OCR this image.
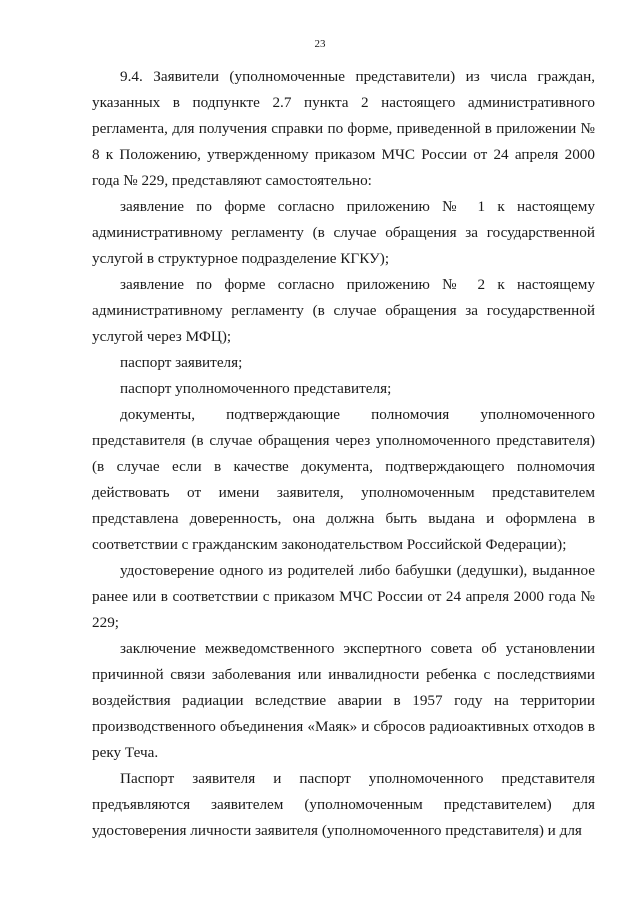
23

9.4. Заявители (уполномоченные представители) из числа граждан, указанных в подпункте 2.7 пункта 2 настоящего административного регламента, для получения справки по форме, приведенной в приложении № 8 к Положению, утвержденному приказом МЧС России от 24 апреля 2000 года № 229, представляют самостоятельно:

заявление по форме согласно приложению № 1 к настоящему административному регламенту (в случае обращения за государственной услугой в структурное подразделение КГКУ);

заявление по форме согласно приложению № 2 к настоящему административному регламенту (в случае обращения за государственной услугой через МФЦ);

паспорт заявителя;

паспорт уполномоченного представителя;

документы, подтверждающие полномочия уполномоченного представителя (в случае обращения через уполномоченного представителя) (в случае если в качестве документа, подтверждающего полномочия действовать от имени заявителя, уполномоченным представителем представлена доверенность, она должна быть выдана и оформлена в соответствии с гражданским законодательством Российской Федерации);

удостоверение одного из родителей либо бабушки (дедушки), выданное ранее или в соответствии с приказом МЧС России от 24 апреля 2000 года № 229;

заключение межведомственного экспертного совета об установлении причинной связи заболевания или инвалидности ребенка с последствиями воздействия радиации вследствие аварии в 1957 году на территории производственного объединения «Маяк» и сбросов радиоактивных отходов в реку Теча.

Паспорт заявителя и паспорт уполномоченного представителя предъявляются заявителем (уполномоченным представителем) для удостоверения личности заявителя (уполномоченного представителя) и для
